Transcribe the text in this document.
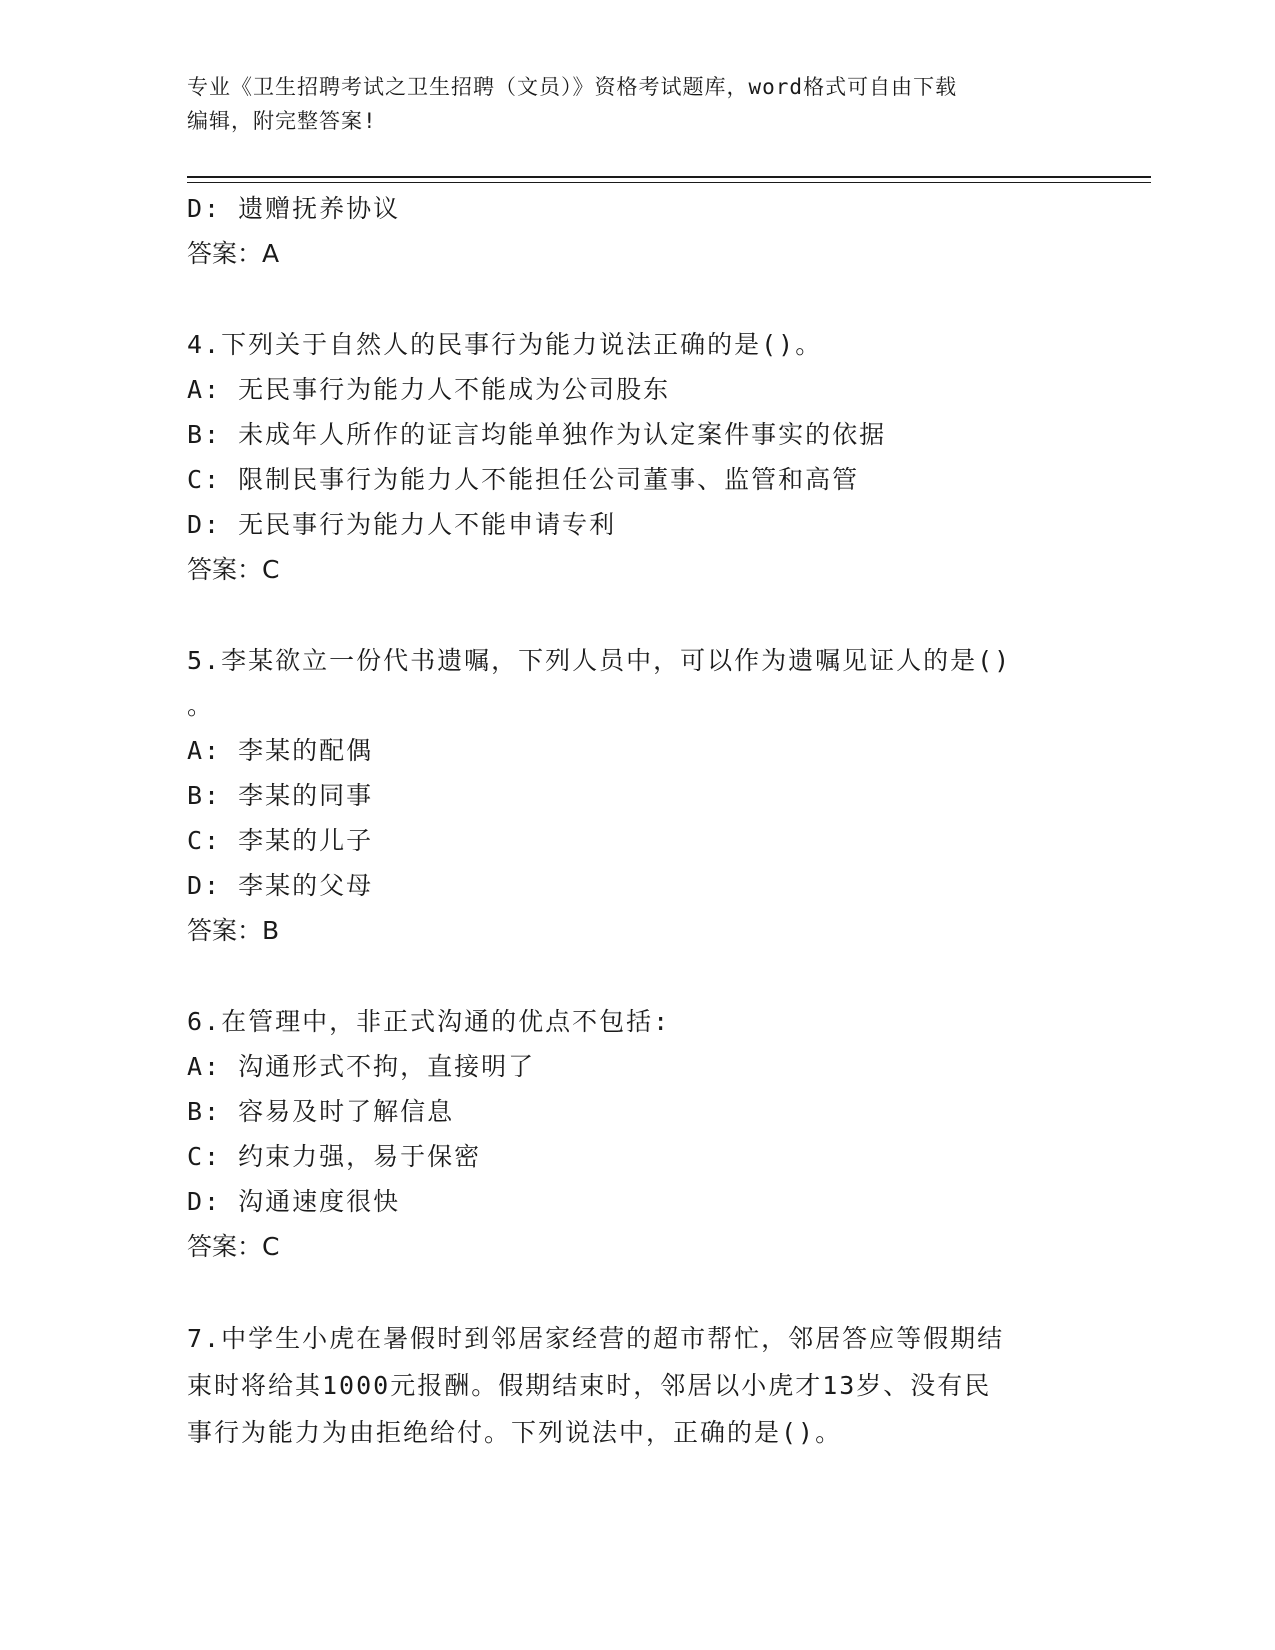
专业《卫生招聘考试之卫生招聘（文员）》资格考试题库，word格式可自由下载
编辑，附完整答案!
D: 遗赠抚养协议
答案：A
4.下列关于自然人的民事行为能力说法正确的是()。
A: 无民事行为能力人不能成为公司股东
B: 未成年人所作的证言均能单独作为认定案件事实的依据
C: 限制民事行为能力人不能担任公司董事、监管和高管
D: 无民事行为能力人不能申请专利
答案：C
5.李某欲立一份代书遗嘱，下列人员中，可以作为遗嘱见证人的是()
。
A: 李某的配偶
B: 李某的同事
C: 李某的儿子
D: 李某的父母
答案：B
6.在管理中，非正式沟通的优点不包括:
A: 沟通形式不拘，直接明了
B: 容易及时了解信息
C: 约束力强，易于保密
D: 沟通速度很快
答案：C
7.中学生小虎在暑假时到邻居家经营的超市帮忙，邻居答应等假期结
束时将给其1000元报酬。假期结束时，邻居以小虎才13岁、没有民
事行为能力为由拒绝给付。下列说法中，正确的是()。
